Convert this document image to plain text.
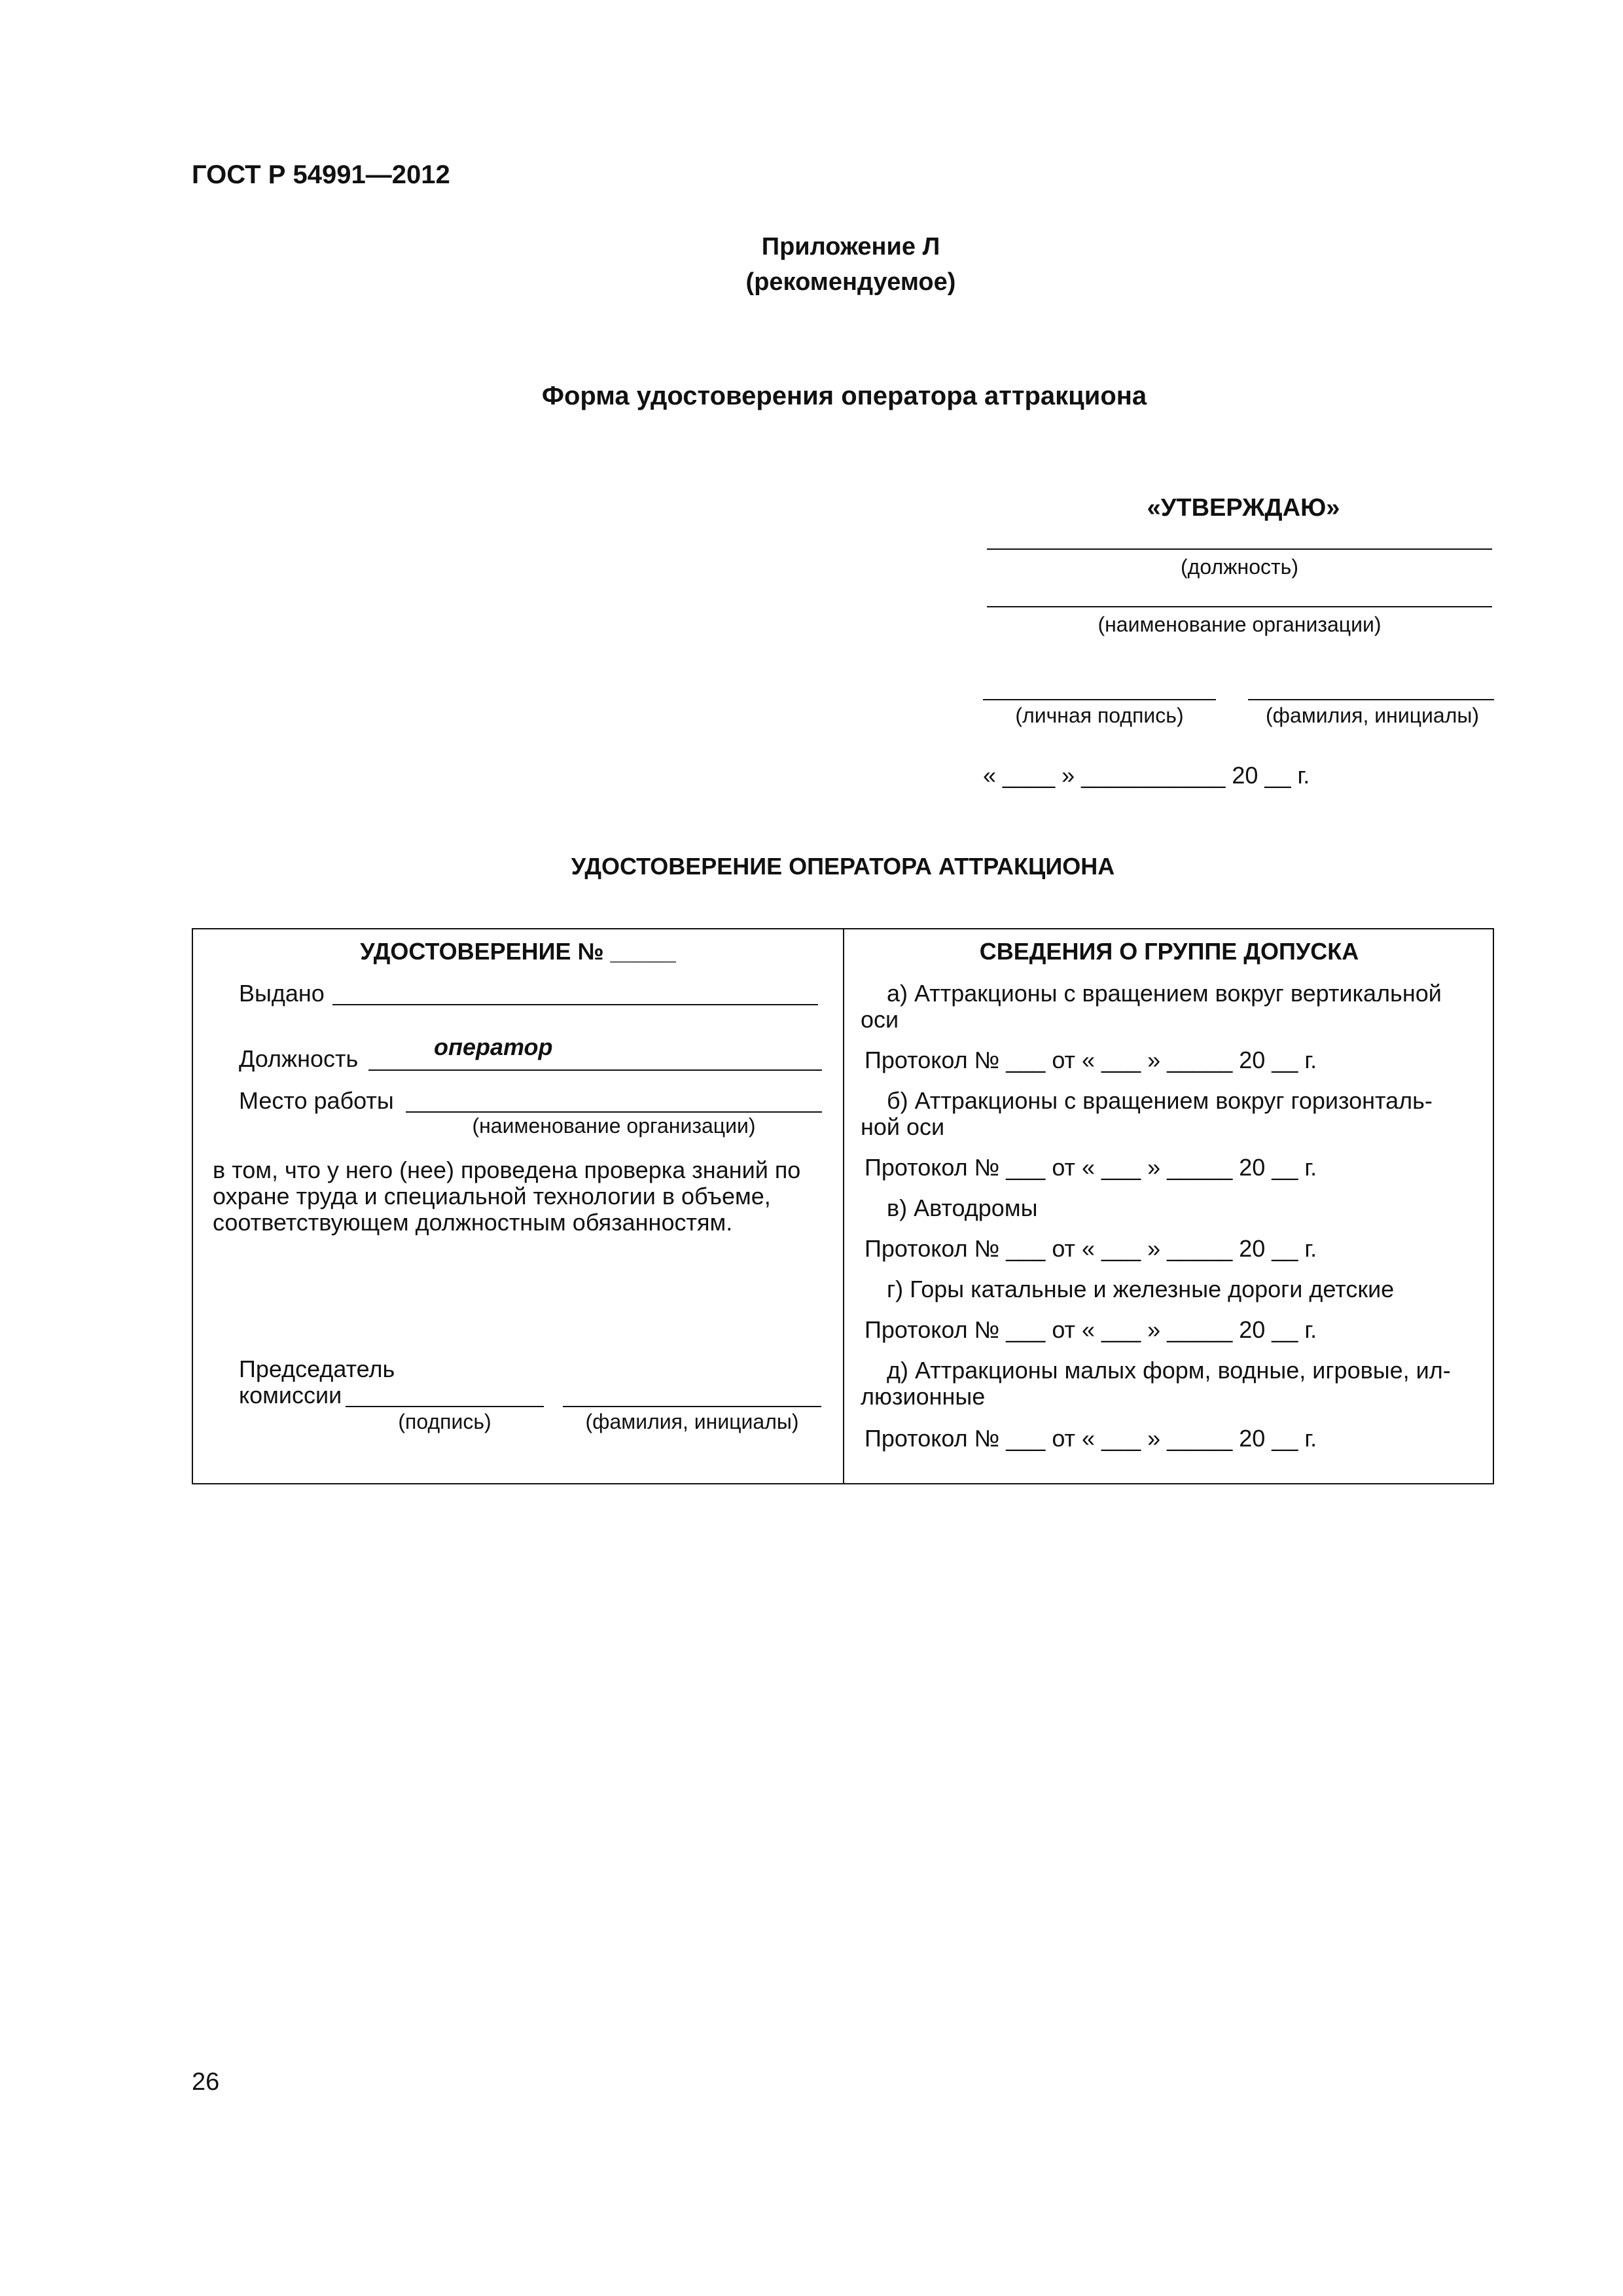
ГОСТ Р 54991—2012
Приложение Л
(рекомендуемое)
Форма удостоверения оператора аттракциона
«УТВЕРЖДАЮ»
(должность)
(наименование организации)
(личная подпись)	(фамилия, инициалы)
« ____ » ___________ 20 __ г.
УДОСТОВЕРЕНИЕ ОПЕРАТОРА АТТРАКЦИОНА
УДОСТОВЕРЕНИЕ № _____
Выдано
Должность	оператор
Место работы
(наименование организации)
в том, что у него (нее) проведена проверка знаний по
охране труда и специальной технологии в объеме,
соответствующем должностным обязанностям.
Председатель
комиссии
(подпись)	(фамилия, инициалы)
СВЕДЕНИЯ О ГРУППЕ ДОПУСКА
а) Аттракционы с вращением вокруг вертикальной
оси
Протокол № ___ от « ___ » _____ 20 __ г.
б) Аттракционы с вращением вокруг горизонталь-
ной оси
Протокол № ___ от « ___ » _____ 20 __ г.
в) Автодромы
Протокол № ___ от « ___ » _____ 20 __ г.
г) Горы катальные и железные дороги детские
Протокол № ___ от « ___ » _____ 20 __ г.
д) Аттракционы малых форм, водные, игровые, ил-
люзионные
Протокол № ___ от « ___ » _____ 20 __ г.
26
